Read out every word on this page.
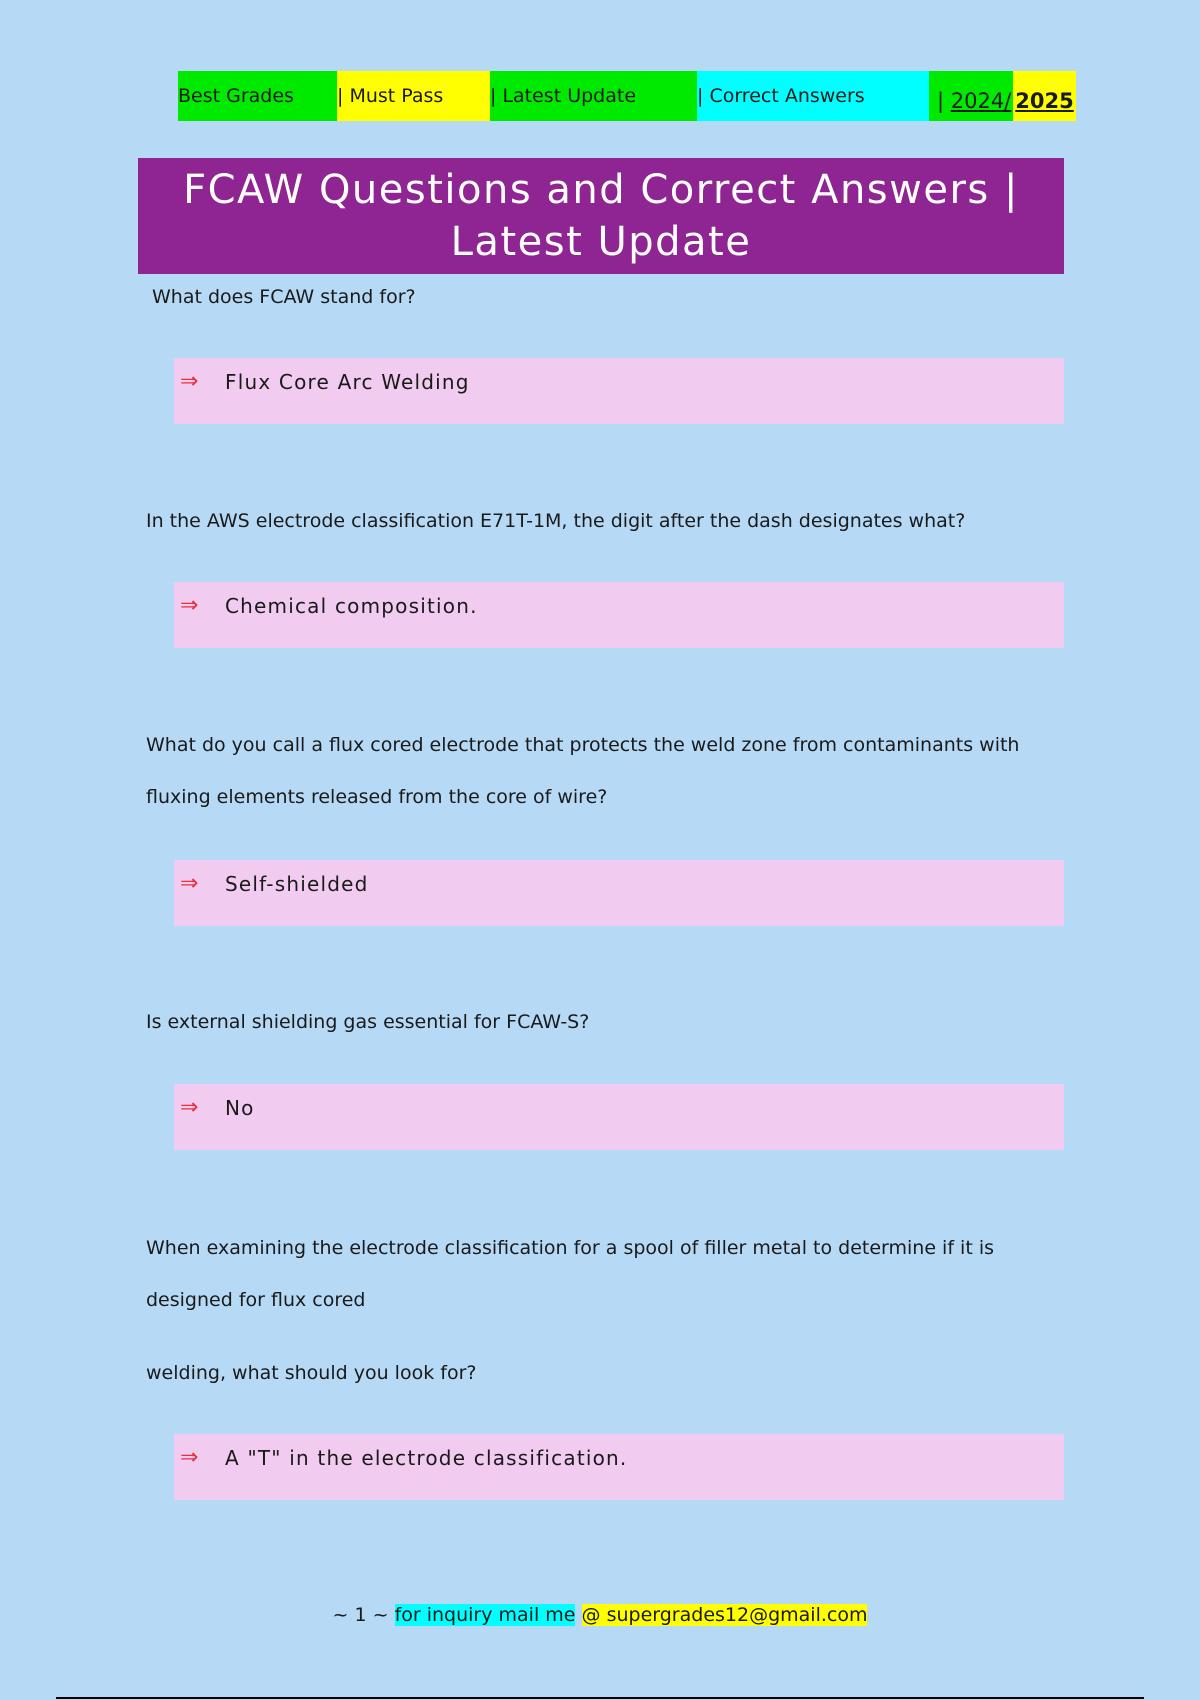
Best Grades | Must Pass | Latest Update	| Correct Answers	| 2024/ 2025
FCAW Questions and Correct Answers |
Latest Update
What does FCAW stand for?
⇒ Flux Core Arc Welding
In the AWS electrode classification E71T-1M, the digit after the dash designates what?
⇒ Chemical composition.
What do you call a flux cored electrode that protects the weld zone from contaminants with
fluxing elements released from the core of wire?
⇒ Self-shielded
Is external shielding gas essential for FCAW-S?
⇒ No
When examining the electrode classification for a spool of filler metal to determine if it is
designed for flux cored
welding, what should you look for?
⇒ A "T" in the electrode classification.
~ 1 ~ for inquiry mail me @ supergrades12@gmail.com
